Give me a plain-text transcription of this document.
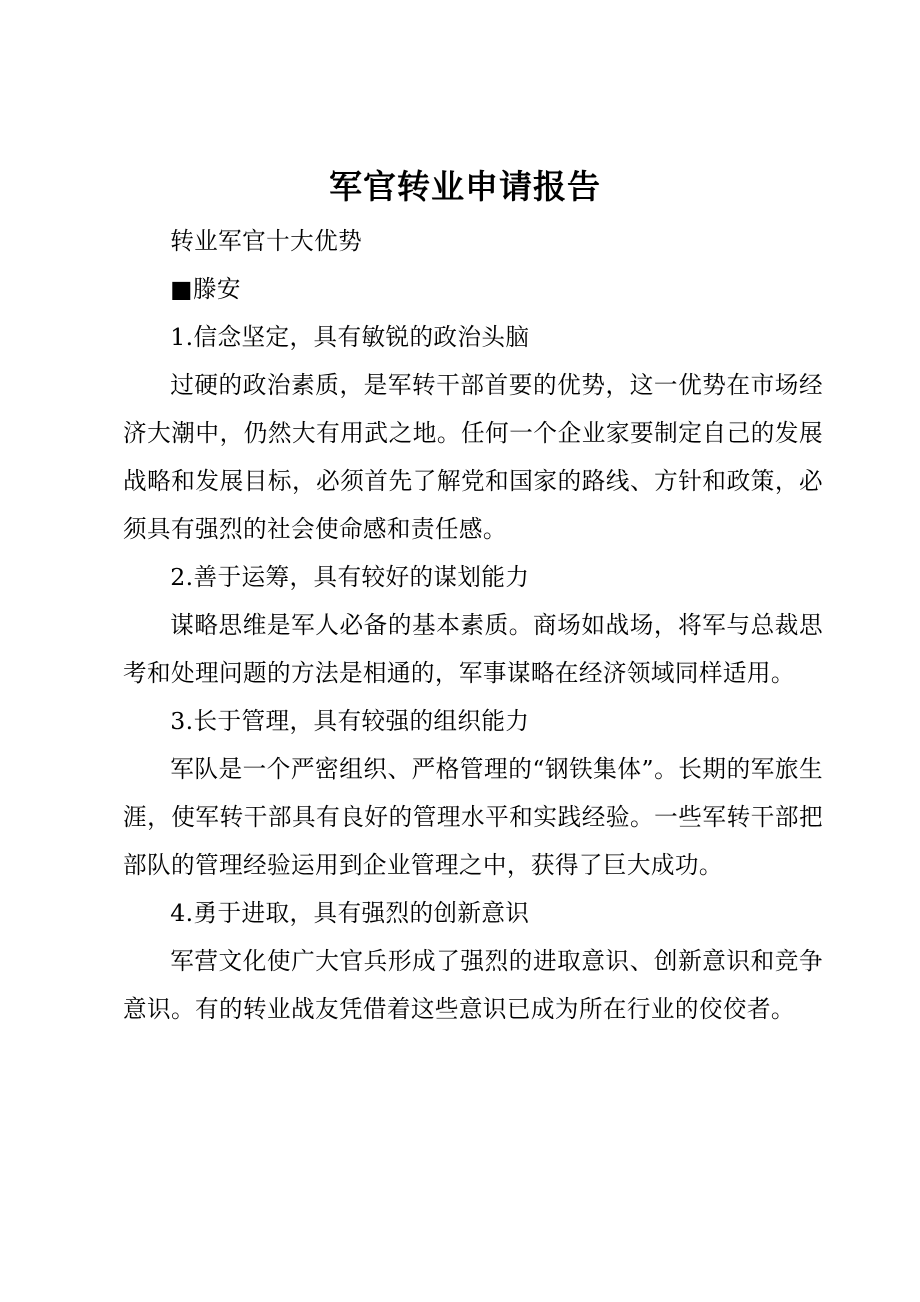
军官转业申请报告

转业军官十大优势

■滕安

1.信念坚定，具有敏锐的政治头脑

过硬的政治素质，是军转干部首要的优势，这一优势在市场经济大潮中，仍然大有用武之地。任何一个企业家要制定自己的发展战略和发展目标，必须首先了解党和国家的路线、方针和政策，必须具有强烈的社会使命感和责任感。

2.善于运筹，具有较好的谋划能力

谋略思维是军人必备的基本素质。商场如战场，将军与总裁思考和处理问题的方法是相通的，军事谋略在经济领域同样适用。

3.长于管理，具有较强的组织能力

军队是一个严密组织、严格管理的“钢铁集体”。长期的军旅生涯，使军转干部具有良好的管理水平和实践经验。一些军转干部把部队的管理经验运用到企业管理之中，获得了巨大成功。

4.勇于进取，具有强烈的创新意识

军营文化使广大官兵形成了强烈的进取意识、创新意识和竞争意识。有的转业战友凭借着这些意识已成为所在行业的佼佼者。
